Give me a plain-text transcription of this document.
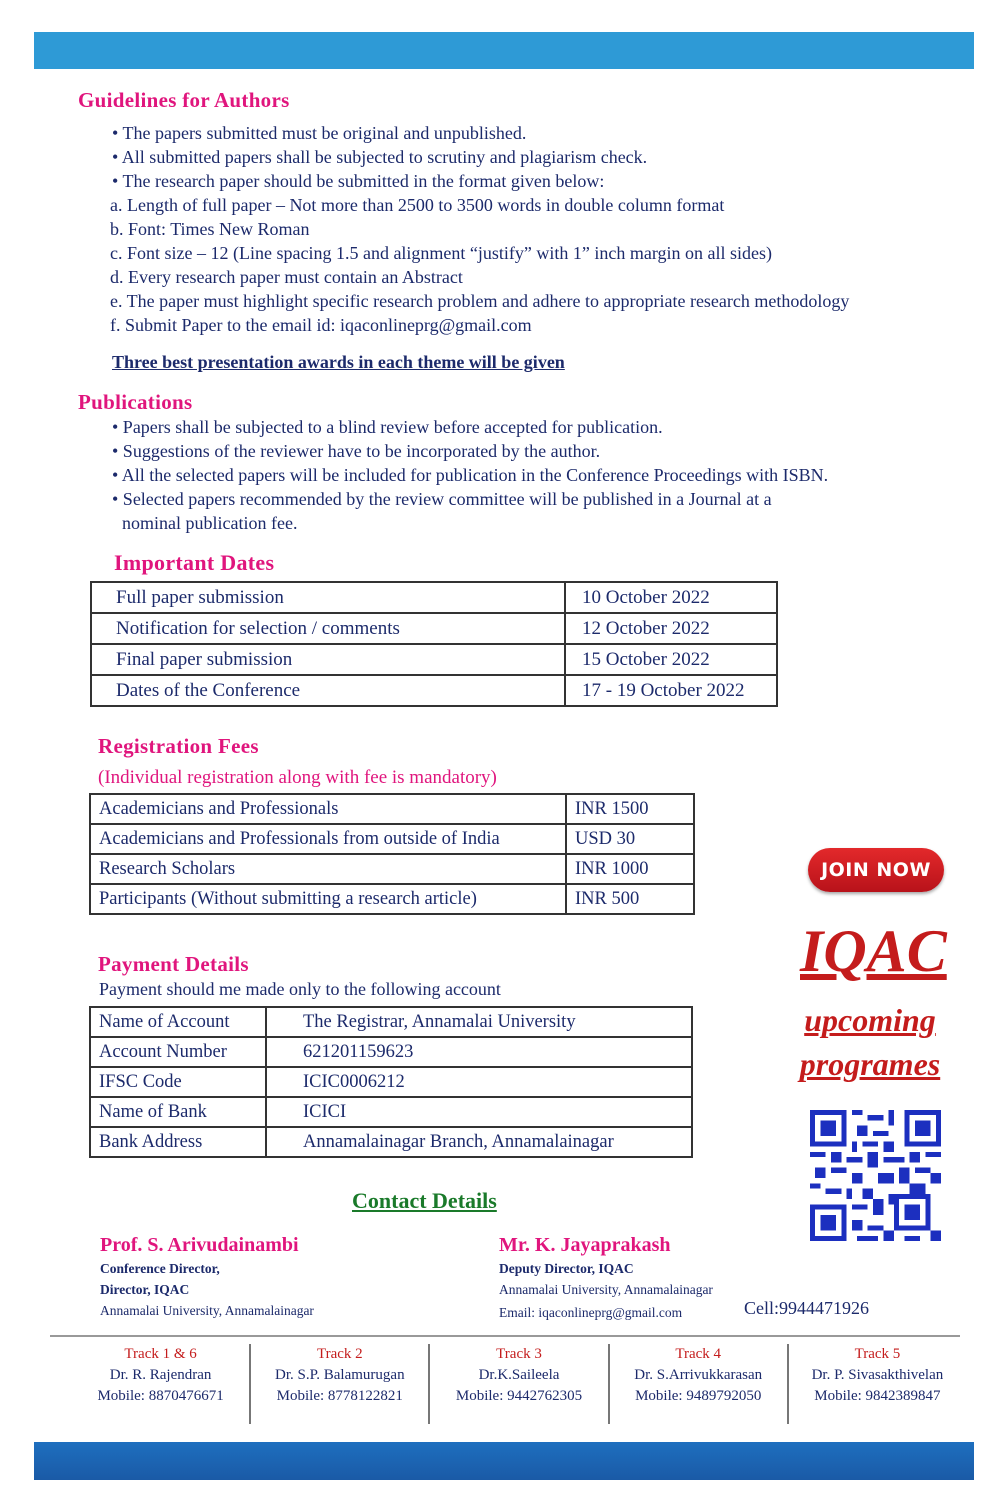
Guidelines for Authors
• The papers submitted must be original and unpublished.
• All submitted papers shall be subjected to scrutiny and plagiarism check.
• The research paper should be submitted in the format given below:
a. Length of full paper – Not more than 2500 to 3500 words in double column format
b. Font: Times New Roman
c. Font size – 12 (Line spacing 1.5 and alignment “justify” with 1” inch margin on all sides)
d. Every research paper must contain an Abstract
e. The paper must highlight specific research problem and adhere to appropriate research methodology
f. Submit Paper to the email id: iqaconlineprg@gmail.com
Three best presentation awards in each theme will be given
Publications
• Papers shall be subjected to a blind review before accepted for publication.
• Suggestions of the reviewer have to be incorporated by the author.
• All the selected papers will be included for publication in the Conference Proceedings with ISBN.
• Selected papers recommended by the review committee will be published in a Journal at a
nominal publication fee.
Important Dates
Full paper submission	10 October 2022
Notification for selection / comments	12 October 2022
Final paper submission	15 October 2022
Dates of the Conference	17 - 19 October 2022
Registration Fees
(Individual registration along with fee is mandatory)
Academicians and Professionals	INR 1500
Academicians and Professionals from outside of India	USD 30
Research Scholars	INR 1000
Participants (Without submitting a research article)	INR 500
Payment Details
Payment should me made only to the following account
Name of Account	The Registrar, Annamalai University
Account Number	621201159623
IFSC Code	ICIC0006212
Name of Bank	ICICI
Bank Address	Annamalainagar Branch, Annamalainagar
Contact Details
Prof. S. Arivudainambi
Conference Director,
Director, IQAC
Annamalai University, Annamalainagar
Mr. K. Jayaprakash
Deputy Director, IQAC
Annamalai University, Annamalainagar
Email: iqaconlineprg@gmail.com	Cell:9944471926
Track 1 & 6
Dr. R. Rajendran
Mobile: 8870476671
Track 2
Dr. S.P. Balamurugan
Mobile: 8778122821
Track 3
Dr.K.Saileela
Mobile: 9442762305
Track 4
Dr. S.Arrivukkarasan
Mobile: 9489792050
Track 5
Dr. P. Sivasakthivelan
Mobile: 9842389847
JOIN NOW
IQAC
upcoming
programes
